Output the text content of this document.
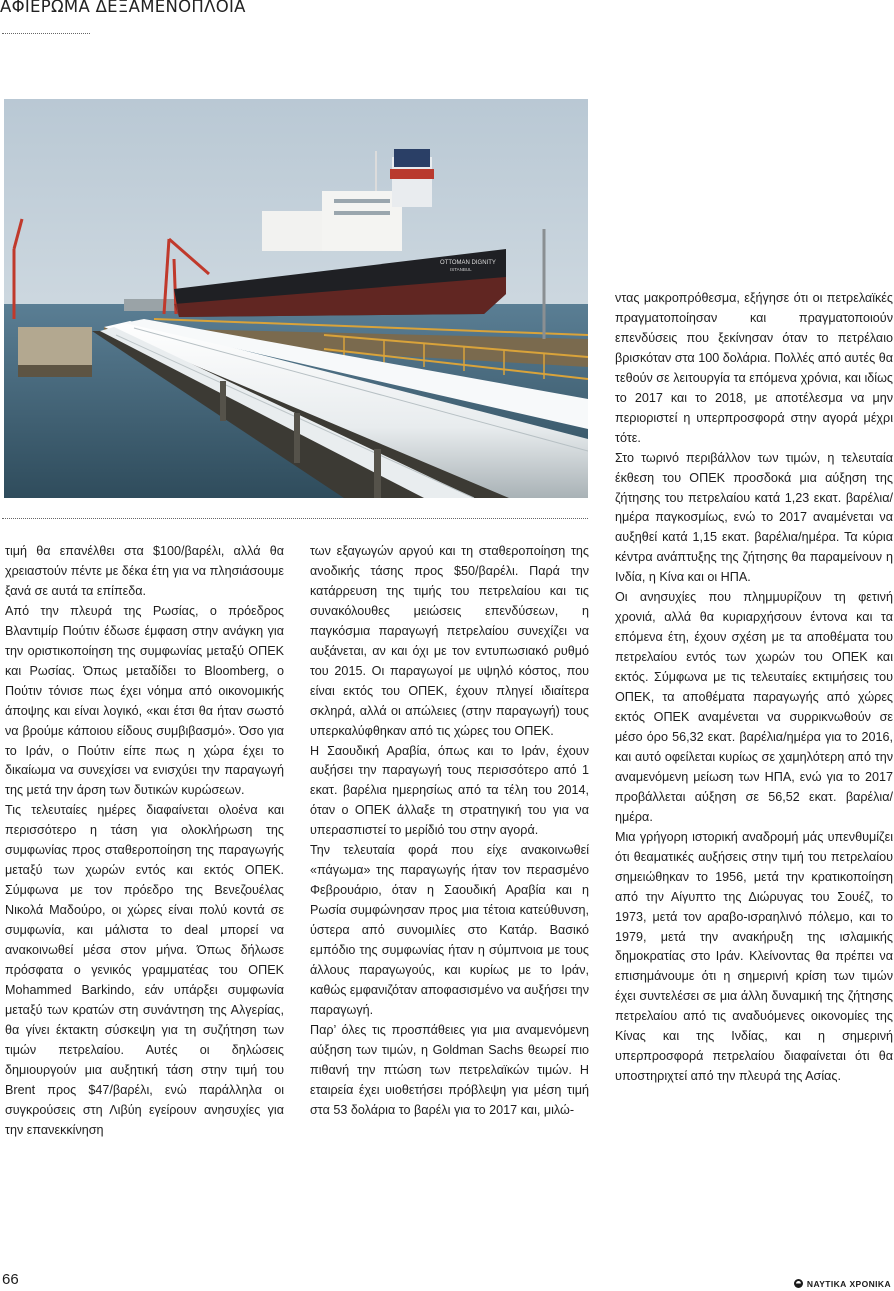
ΑΦΙΕΡΩΜΑ ΔΕΞΑΜΕΝΟΠΛΟΙΑ
OTTOMAN DIGNITY
ISTANBUL

τιμή θα επανέλθει στα $100/βαρέλι, αλλά θα χρειαστούν πέντε με δέκα έτη για να πλησιάσουμε ξανά σε αυτά τα επίπεδα.

Από την πλευρά της Ρωσίας, ο πρόεδρος Βλαντιμίρ Πούτιν έδωσε έμφαση στην ανάγκη για την οριστικοποίηση της συμφωνίας μεταξύ ΟΠΕΚ και Ρωσίας. Όπως μεταδίδει το Bloomberg, ο Πούτιν τόνισε πως έχει νόημα από οικονομικής άποψης και είναι λογικό, «και έτσι θα ήταν σωστό να βρούμε κάποιου είδους συμβιβασμό». Όσο για το Ιράν, ο Πούτιν είπε πως η χώρα έχει το δικαίωμα να συνεχίσει να ενισχύει την παραγωγή της μετά την άρση των δυτικών κυρώσεων.

Τις τελευταίες ημέρες διαφαίνεται ολοένα και περισσότερο η τάση για ολοκλήρωση της συμφωνίας προς σταθεροποίηση της παραγωγής μεταξύ των χωρών εντός και εκτός ΟΠΕΚ. Σύμφωνα με τον πρόεδρο της Βενεζουέλας Νικολά Μαδούρο, οι χώρες είναι πολύ κοντά σε συμφωνία, και μάλιστα το deal μπορεί να ανακοινωθεί μέσα στον μήνα. Όπως δήλωσε πρόσφατα ο γενικός γραμματέας του ΟΠΕΚ Mohammed Barkindo, εάν υπάρξει συμφωνία μεταξύ των κρατών στη συνάντηση της Αλγερίας, θα γίνει έκτακτη σύσκεψη για τη συζήτηση των τιμών πετρελαίου. Αυτές οι δηλώσεις δημιουργούν μια αυξητική τάση στην τιμή του Brent προς $47/βαρέλι, ενώ παράλληλα οι συγκρούσεις στη Λιβύη εγείρουν ανησυχίες για την επανεκκίνηση

των εξαγωγών αργού και τη σταθεροποίηση της ανοδικής τάσης προς $50/βαρέλι. Παρά την κατάρρευση της τιμής του πετρελαίου και τις συνακόλουθες μειώσεις επενδύσεων, η παγκόσμια παραγωγή πετρελαίου συνεχίζει να αυξάνεται, αν και όχι με τον εντυπωσιακό ρυθμό του 2015. Οι παραγωγοί με υψηλό κόστος, που είναι εκτός του ΟΠΕΚ, έχουν πληγεί ιδιαίτερα σκληρά, αλλά οι απώλειες (στην παραγωγή) τους υπερκαλύφθηκαν από τις χώρες του ΟΠΕΚ.

Η Σαουδική Αραβία, όπως και το Ιράν, έχουν αυξήσει την παραγωγή τους περισσότερο από 1 εκατ. βαρέλια ημερησίως από τα τέλη του 2014, όταν ο ΟΠΕΚ άλλαξε τη στρατηγική του για να υπερασπιστεί το μερίδιό του στην αγορά.

Την τελευταία φορά που είχε ανακοινωθεί «πάγωμα» της παραγωγής ήταν τον περασμένο Φεβρουάριο, όταν η Σαουδική Αραβία και η Ρωσία συμφώνησαν προς μια τέτοια κατεύθυνση, ύστερα από συνομιλίες στο Κατάρ. Βασικό εμπόδιο της συμφωνίας ήταν η σύμπνοια με τους άλλους παραγωγούς, και κυρίως με το Ιράν, καθώς εμφανιζόταν αποφασισμένο να αυξήσει την παραγωγή.

Παρ’ όλες τις προσπάθειες για μια αναμενόμενη αύξηση των τιμών, η Goldman Sachs θεωρεί πιο πιθανή την πτώση των πετρελαϊκών τιμών. Η εταιρεία έχει υιοθετήσει πρόβλεψη για μέση τιμή στα 53 δολάρια το βαρέλι για το 2017 και, μιλώ-

ντας μακροπρόθεσμα, εξήγησε ότι οι πετρελαϊκές πραγματοποίησαν και πραγματοποιούν επενδύσεις που ξεκίνησαν όταν το πετρέλαιο βρισκόταν στα 100 δολάρια. Πολλές από αυτές θα τεθούν σε λειτουργία τα επόμενα χρόνια, και ιδίως το 2017 και το 2018, με αποτέλεσμα να μην περιοριστεί η υπερπροσφορά στην αγορά μέχρι τότε.

Στο τωρινό περιβάλλον των τιμών, η τελευταία έκθεση του ΟΠΕΚ προσδοκά μια αύξηση της ζήτησης του πετρελαίου κατά 1,23 εκατ. βαρέλια/ημέρα παγκοσμίως, ενώ το 2017 αναμένεται να αυξηθεί κατά 1,15 εκατ. βαρέλια/ημέρα. Τα κύρια κέντρα ανάπτυξης της ζήτησης θα παραμείνουν η Ινδία, η Κίνα και οι ΗΠΑ.

Οι ανησυχίες που πλημμυρίζουν τη φετινή χρονιά, αλλά θα κυριαρχήσουν έντονα και τα επόμενα έτη, έχουν σχέση με τα αποθέματα του πετρελαίου εντός των χωρών του ΟΠΕΚ και εκτός. Σύμφωνα με τις τελευταίες εκτιμήσεις του ΟΠΕΚ, τα αποθέματα παραγωγής από χώρες εκτός ΟΠΕΚ αναμένεται να συρρικνωθούν σε μέσο όρο 56,32 εκατ. βαρέλια/ημέρα για το 2016, και αυτό οφείλεται κυρίως σε χαμηλότερη από την αναμενόμενη μείωση των ΗΠΑ, ενώ για το 2017 προβάλλεται αύξηση σε 56,52 εκατ. βαρέλια/ημέρα.

Μια γρήγορη ιστορική αναδρομή μάς υπενθυμίζει ότι θεαματικές αυξήσεις στην τιμή του πετρελαίου σημειώθηκαν το 1956, μετά την κρατικοποίηση από την Αίγυπτο της Διώρυγας του Σουέζ, το 1973, μετά τον αραβο-ισραηλινό πόλεμο, και το 1979, μετά την ανακήρυξη της ισλαμικής δημοκρατίας στο Ιράν. Κλείνοντας θα πρέπει να επισημάνουμε ότι η σημερινή κρίση των τιμών έχει συντελέσει σε μια άλλη δυναμική της ζήτησης πετρελαίου από τις αναδυόμενες οικονομίες της Κίνας και της Ινδίας, και η σημερινή υπερπροσφορά πετρελαίου διαφαίνεται ότι θα υποστηριχτεί από την πλευρά της Ασίας.

66	ΝΑΥΤΙΚΑ ΧΡΟΝΙΚΑ
